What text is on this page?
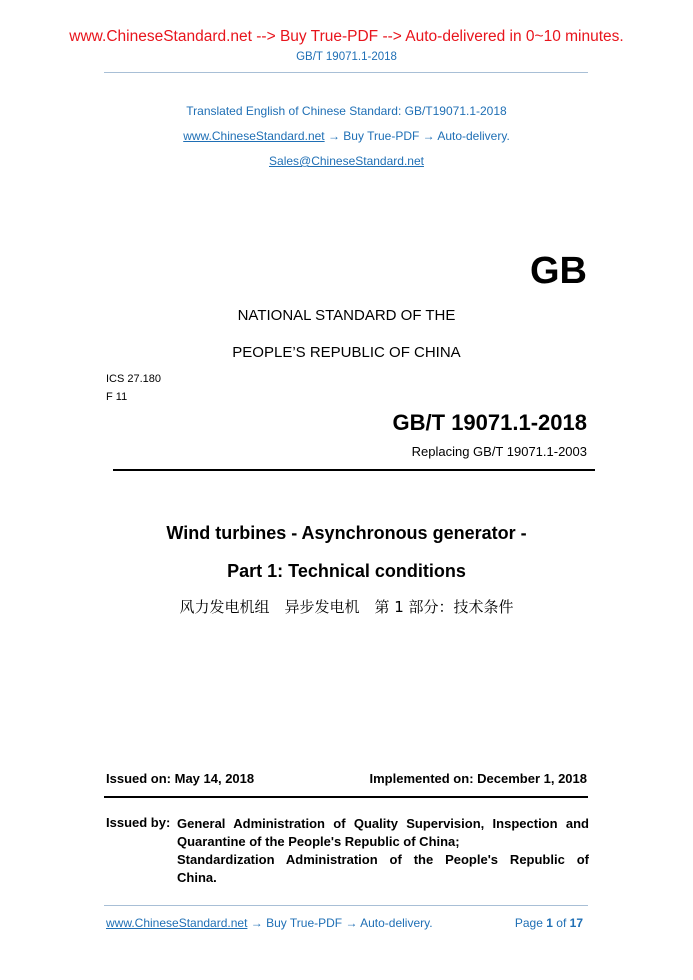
www.ChineseStandard.net --> Buy True-PDF --> Auto-delivered in 0~10 minutes.
GB/T 19071.1-2018
Translated English of Chinese Standard: GB/T19071.1-2018
www.ChineseStandard.net → Buy True-PDF → Auto-delivery.
Sales@ChineseStandard.net
GB
NATIONAL STANDARD OF THE
PEOPLE’S REPUBLIC OF CHINA
ICS 27.180
F 11
GB/T 19071.1-2018
Replacing GB/T 19071.1-2003
Wind turbines - Asynchronous generator -
Part 1: Technical conditions
风力发电机组　异步发电机　第 1 部分：技术条件
Issued on: May 14, 2018	Implemented on: December 1, 2018
Issued by: General Administration of Quality Supervision, Inspection and
Quarantine of the People's Republic of China;
Standardization Administration of the People's Republic of
China.
www.ChineseStandard.net → Buy True-PDF → Auto-delivery.	Page 1 of 17
